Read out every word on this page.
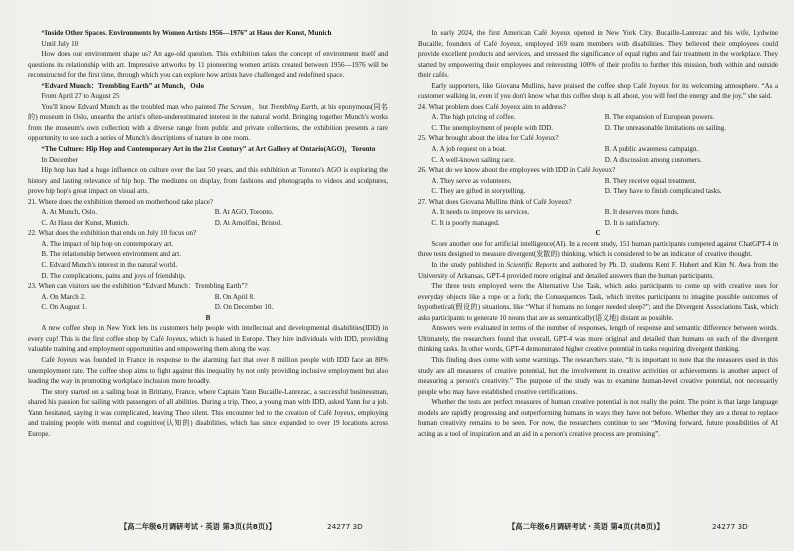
“Inside Other Spaces. Environments by Women Artists 1956—1976” at Haus der Kunst, Munich

Until July 10

How does our environment shape us? An age-old question. This exhibition takes the concept of environment itself and questions its relationship with art. Impressive artworks by 11 pioneering women artists created between 1956—1976 will be reconstructed for the first time, through which you can explore how artists have challenged and redefined space.

“Edvard Munch：Trembling Earth” at Munch，Oslo

From April 27 to August 25

You'll know Edvard Munch as the troubled man who painted The Scream，but Trembling Earth, at his eponymous(同名的) museum in Oslo, unearths the artist's often-underestimated interest in the natural world. Bringing together Munch's works from the museum's own collection with a diverse range from public and private collections, the exhibition presents a rare opportunity to see such a series of Munch's descriptions of nature in one room.

“The Culture: Hip Hop and Contemporary Art in the 21st Century” at Art Gallery of Ontario(AGO)，Toronto

In December

Hip hop has had a huge influence on culture over the last 50 years, and this exhibition at Toronto's AGO is exploring the history and lasting relevance of hip hop. The mediums on display, from fashions and photographs to videos and sculptures, prove hip hop's great impact on visual arts.

21. Where does the exhibition themed on motherhood take place?

A. At Munch, Oslo.	B. At AGO, Toronto.
C. At Haus der Kunst, Munich.	D. At Arnolfini, Bristol.

22. What does the exhibition that ends on July 10 focus on?

A. The impact of hip hop on contemporary art.

B. The relationship between environment and art.

C. Edvard Munch's interest in the natural world.

D. The complications, pains and joys of friendship.

23. When can visitors see the exhibition “Edvard Munch：Trembling Earth”?

A. On March 2.	B. On April 8.
C. On August 1.	D. On December 10.

B

A new coffee shop in New York lets its customers help people with intellectual and developmental disabilities(IDD) in every cup! This is the first coffee shop by Café Joyeux, which is based in Europe. They hire individuals with IDD, providing valuable training and employment opportunities and empowering them along the way.

Café Joyeux was founded in France in response to the alarming fact that over 8 million people with IDD face an 80% unemployment rate. The coffee shop aims to fight against this inequality by not only providing inclusive employment but also leading the way in promoting workplace inclusion more broadly.

The story started on a sailing boat in Brittany, France, where Captain Yann Bucaille-Lanrezac, a successful businessman, shared his passion for sailing with passengers of all abilities. During a trip, Theo, a young man with IDD, asked Yann for a job. Yann hesitated, saying it was complicated, leaving Theo silent. This encounter led to the creation of Café Joyeux, employing and training people with mental and cognitive(认知的) disabilities, which has since expanded to over 19 locations across Europe.

In early 2024, the first American Café Joyeux opened in New York City. Bucaille-Lanrezac and his wife, Lydwine Bucaille, founders of Café Joyeux, employed 169 team members with disabilities. They believed their employees could provide excellent products and services, and stressed the significance of equal rights and fair treatment in the workplace. They started by empowering their employees and reinvesting 100% of their profits to further this mission, both within and outside their cafés.

Early supporters, like Giovana Mullins, have praised the coffee shop Café Joyeux for its welcoming atmosphere. “As a customer walking in, even if you don't know what this coffee shop is all about, you will feel the energy and the joy,” she said.

24. What problem does Café Joyeux aim to address?

A. The high pricing of coffee.	B. The expansion of European powers.
C. The unemployment of people with IDD.	D. The unreasonable limitations on sailing.

25. What brought about the idea for Café Joyeux?

A. A job request on a boat.	B. A public awareness campaign.
C. A well-known sailing race.	D. A discussion among customers.

26. What do we know about the employees with IDD in Café Joyeux?

A. They serve as volunteers.	B. They receive equal treatment.
C. They are gifted in storytelling.	D. They have to finish complicated tasks.

27. What does Giovana Mullins think of Café Joyeux?

A. It needs to improve its services.	B. It deserves more funds.
C. It is poorly managed.	D. It is satisfactory.

C

Score another one for artificial intelligence(AI). In a recent study, 151 human participants competed against ChatGPT-4 in three tests designed to measure divergent(发散的) thinking, which is considered to be an indicator of creative thought.

In the study published in Scientific Reports and authored by Ph. D. students Kent F. Hubert and Kim N. Awa from the University of Arkansas, GPT-4 provided more original and detailed answers than the human participants.

The three tests employed were the Alternative Use Task, which asks participants to come up with creative uses for everyday objects like a rope or a fork; the Consequences Task, which invites participants to imagine possible outcomes of hypothetical(假设的) situations, like “What if humans no longer needed sleep?”; and the Divergent Associations Task, which asks participants to generate 10 nouns that are as semantically(语义地) distant as possible.

Answers were evaluated in terms of the number of responses, length of response and semantic difference between words. Ultimately, the researchers found that overall, GPT-4 was more original and detailed than humans on each of the divergent thinking tasks. In other words, GPT-4 demonstrated higher creative potential in tasks requiring divergent thinking.

This finding does come with some warnings. The researchers state, “It is important to note that the measures used in this study are all measures of creative potential, but the involvement in creative activities or achievements is another aspect of measuring a person's creativity.” The purpose of the study was to examine human-level creative potential, not necessarily people who may have established creative certifications.

Whether the tests are perfect measures of human creative potential is not really the point. The point is that large language models are rapidly progressing and outperforming humans in ways they have not before. Whether they are a threat to replace human creativity remains to be seen. For now, the researchers continue to see “Moving forward, future possibilities of AI acting as a tool of inspiration and an aid in a person's creative process are promising”.

【高二年级6月调研考试・英语 第3页(共8页)】	24277 3D	【高二年级6月调研考试・英语 第4页(共8页)】	24277 3D
